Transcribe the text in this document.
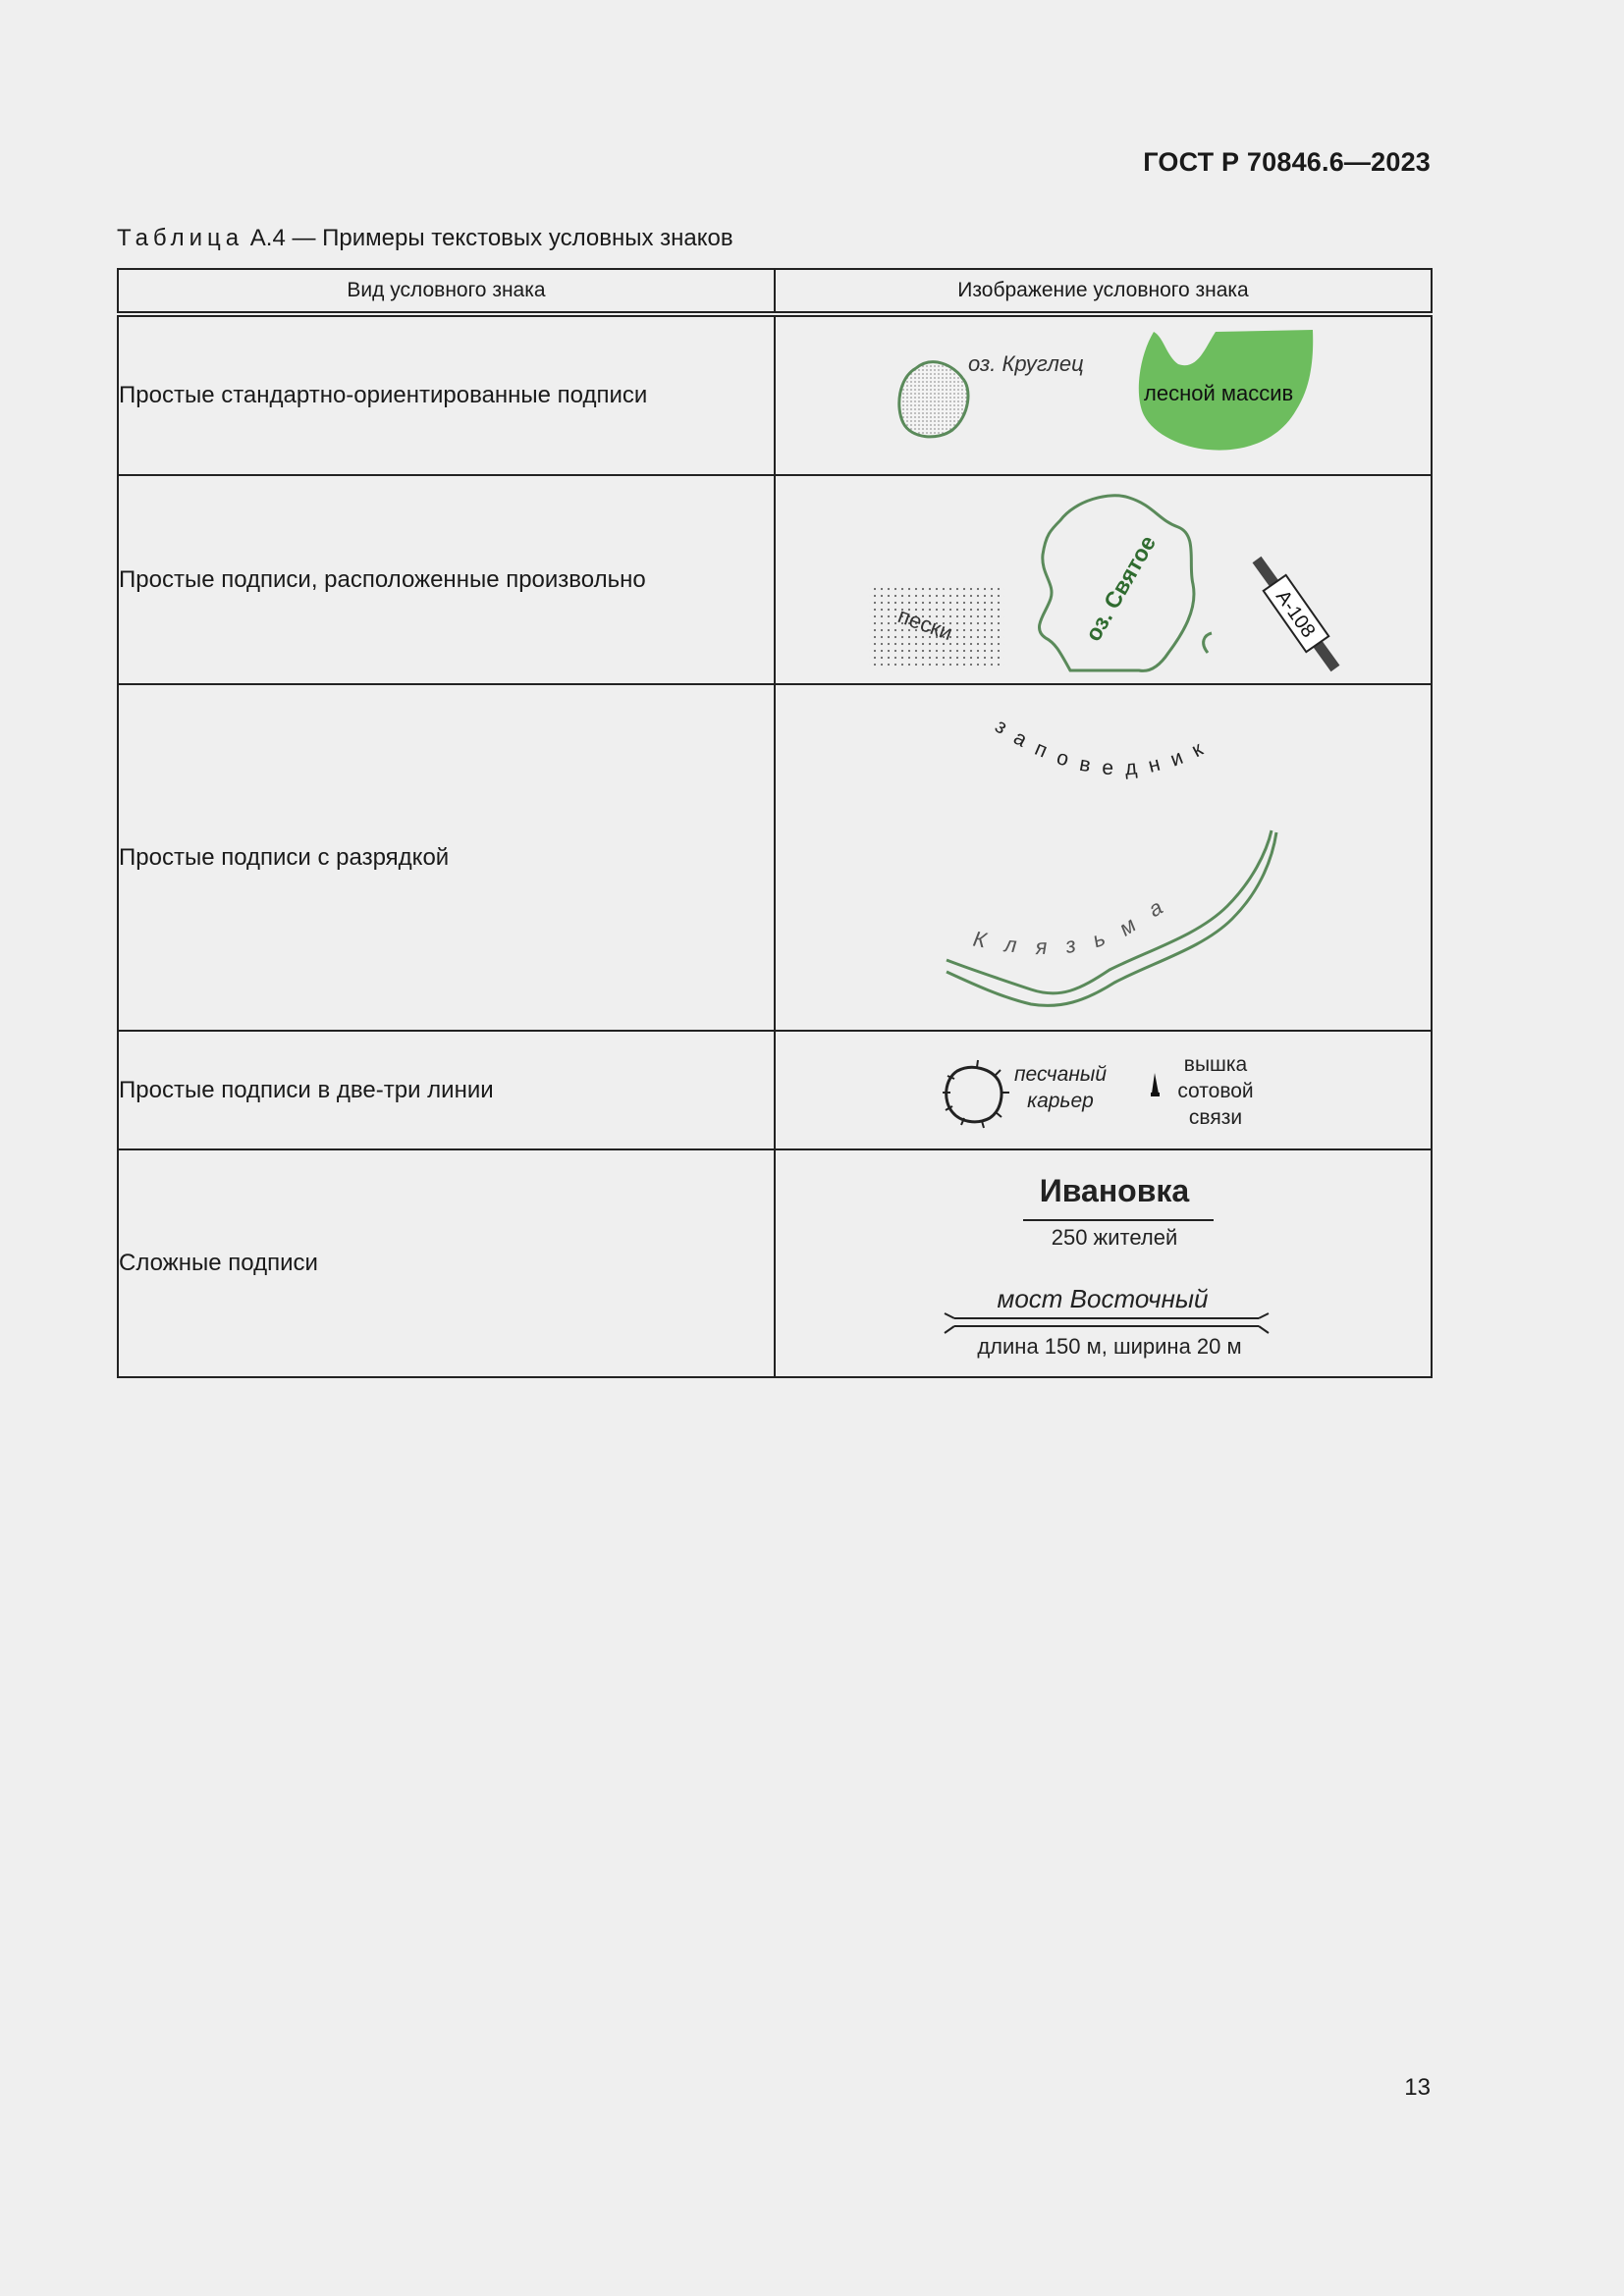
ГОСТ Р 70846.6—2023
Таблица А.4 — Примеры текстовых условных знаков
Вид условного знака	Изображение условного знака
Простые стандартно-ориентированные подписи	оз. Круглец
лесной массив

Простые подписи, расположенные произвольно	пески оз. Святое А-108

Простые подписи с разрядкой	заповедник
Клязьма

Простые подписи в две-три линии	песчаный
карьер
вышка
сотовой
связи

Сложные подписи	Ивановка
250 жителей
мост Восточный
длина 150 м, ширина 20 м
13
